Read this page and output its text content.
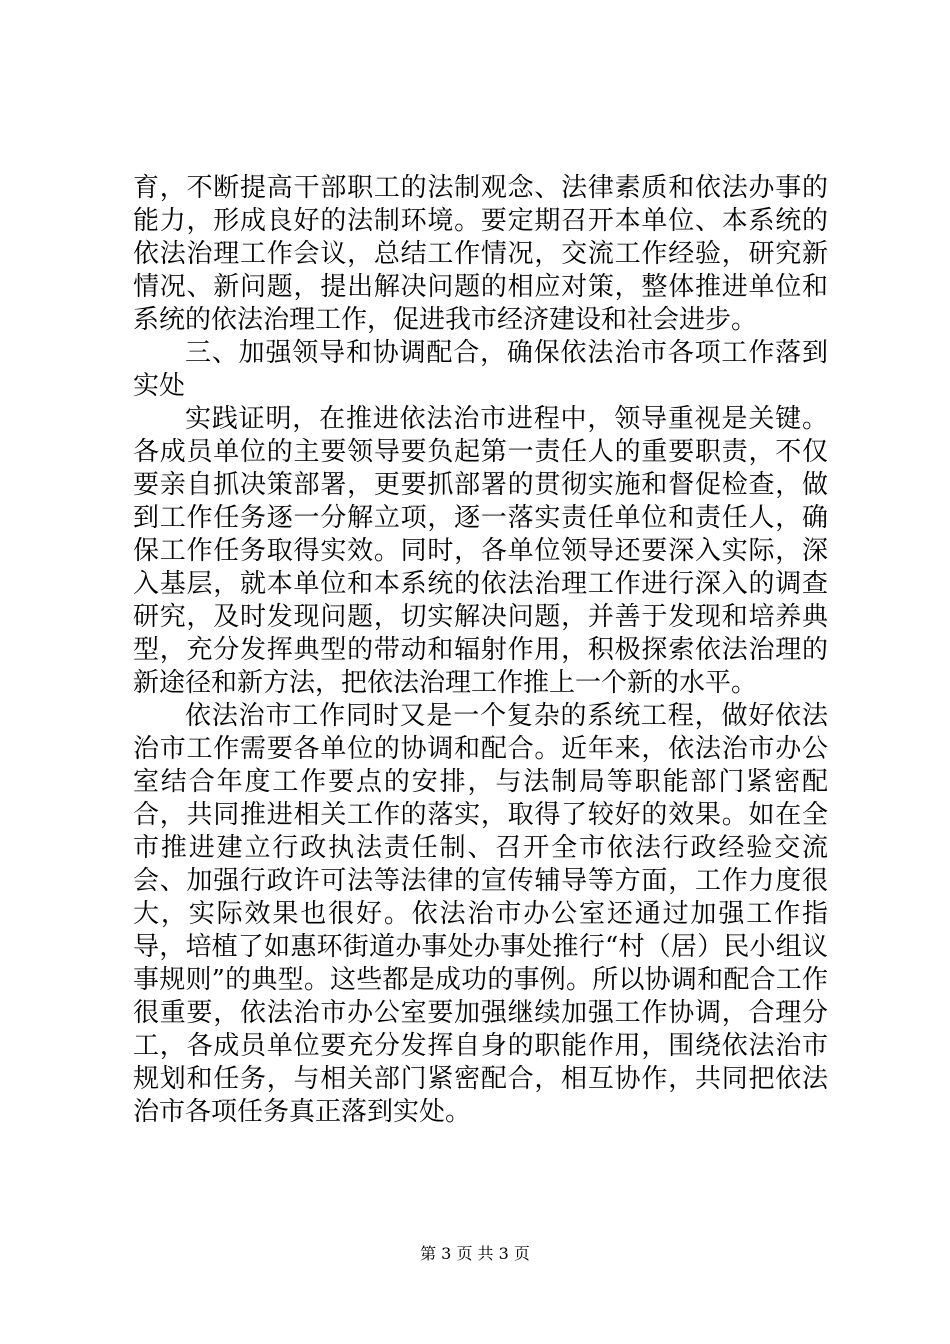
育，不断提高干部职工的法制观念、法律素质和依法办事的能力，形成良好的法制环境。要定期召开本单位、本系统的依法治理工作会议，总结工作情况，交流工作经验，研究新情况、新问题，提出解决问题的相应对策，整体推进单位和系统的依法治理工作，促进我市经济建设和社会进步。

三、加强领导和协调配合，确保依法治市各项工作落到实处

实践证明，在推进依法治市进程中，领导重视是关键。各成员单位的主要领导要负起第一责任人的重要职责，不仅要亲自抓决策部署，更要抓部署的贯彻实施和督促检查，做到工作任务逐一分解立项，逐一落实责任单位和责任人，确保工作任务取得实效。同时，各单位领导还要深入实际，深入基层，就本单位和本系统的依法治理工作进行深入的调查研究，及时发现问题，切实解决问题，并善于发现和培养典型，充分发挥典型的带动和辐射作用，积极探索依法治理的新途径和新方法，把依法治理工作推上一个新的水平。

依法治市工作同时又是一个复杂的系统工程，做好依法治市工作需要各单位的协调和配合。近年来，依法治市办公室结合年度工作要点的安排，与法制局等职能部门紧密配合，共同推进相关工作的落实，取得了较好的效果。如在全市推进建立行政执法责任制、召开全市依法行政经验交流会、加强行政许可法等法律的宣传辅导等方面，工作力度很大，实际效果也很好。依法治市办公室还通过加强工作指导，培植了如惠环街道办事处办事处推行“村（居）民小组议事规则”的典型。这些都是成功的事例。所以协调和配合工作很重要，依法治市办公室要加强继续加强工作协调，合理分工，各成员单位要充分发挥自身的职能作用，围绕依法治市规划和任务，与相关部门紧密配合，相互协作，共同把依法治市各项任务真正落到实处。

第 3 页 共 3 页
